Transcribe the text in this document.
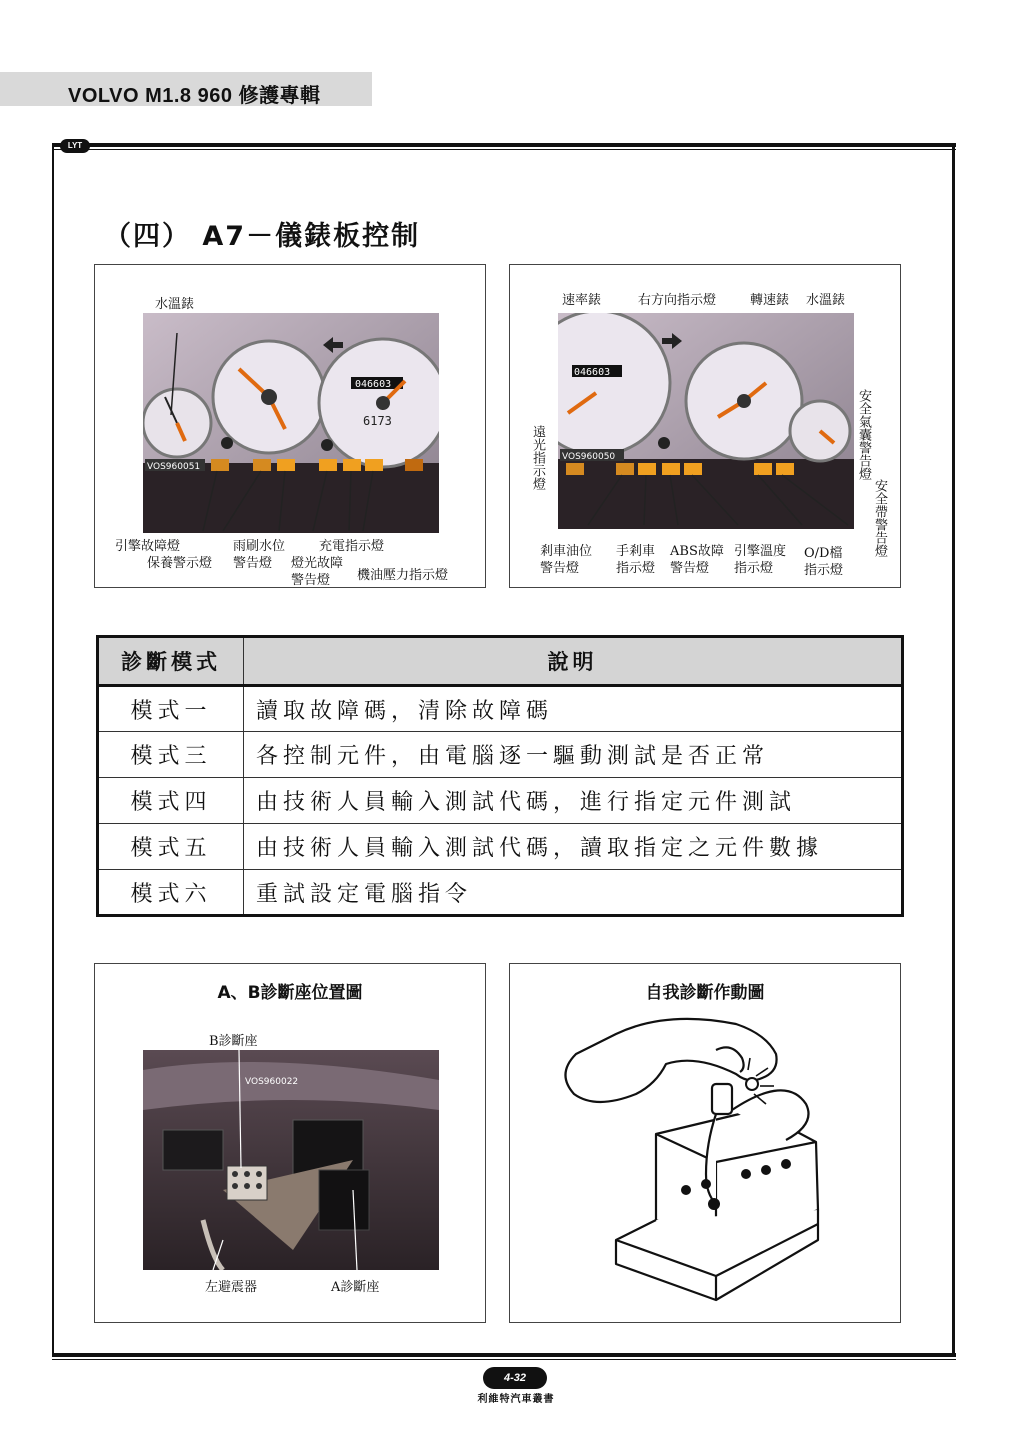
VOLVO M1.8 960 修護專輯
LYT
（四） A7－儀錶板控制
水溫錶
046603
6173
VOS960051
引擎故障燈
保養警示燈
雨刷水位
警告燈 燈光故障
警告燈
充電指示燈
機油壓力指示燈
速率錶	右方向指示燈	轉速錶 水溫錶
遠光指示燈	安全氣囊警告燈
安全帶警告燈
046603
VOS960050
剎車油位
警告燈
手剎車
指示燈
ABS故障
警告燈
引擎溫度
指示燈
O/D檔
指示燈
診斷模式	說明
模式一	讀取故障碼，清除故障碼
模式三	各控制元件，由電腦逐一驅動測試是否正常
模式四	由技術人員輸入測試代碼，進行指定元件測試
模式五	由技術人員輸入測試代碼，讀取指定之元件數據
模式六	重試設定電腦指令
A、B診斷座位置圖
B診斷座
VOS960022
左避震器	A診斷座
自我診斷作動圖
4-32
利維特汽車叢書
